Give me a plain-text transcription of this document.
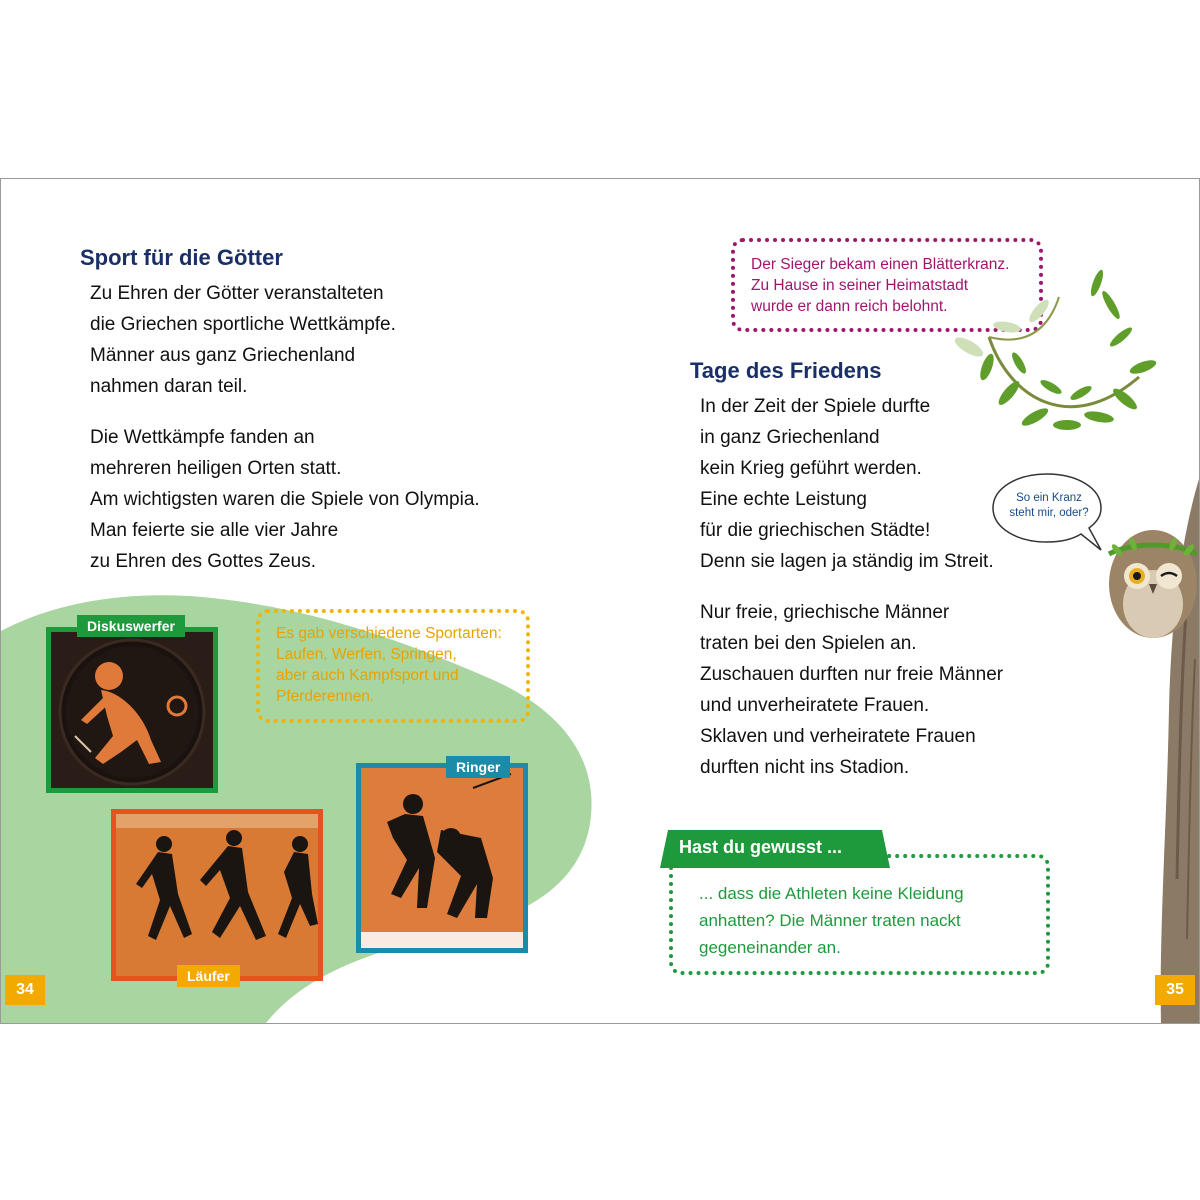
Sport für die Götter

Zu Ehren der Götter veranstalteten

die Griechen sportliche Wettkämpfe.

Männer aus ganz Griechenland

nahmen daran teil.

Die Wettkämpfe fanden an

mehreren heiligen Orten statt.

Am wichtigsten waren die Spiele von Olympia.

Man feierte sie alle vier Jahre

zu Ehren des Gottes Zeus.

Es gab verschiedene Sportarten:

Laufen, Werfen, Springen,

aber auch Kampfsport und

Pferderennen.

Diskuswerfer
Läufer
Ringer
34

Der Sieger bekam einen Blätterkranz.

Zu Hause in seiner Heimatstadt

wurde er dann reich belohnt.

Tage des Friedens

In der Zeit der Spiele durfte

in ganz Griechenland

kein Krieg geführt werden.

Eine echte Leistung

für die griechischen Städte!

Denn sie lagen ja ständig im Streit.

Nur freie, griechische Männer

traten bei den Spielen an.

Zuschauen durften nur freie Männer

und unverheiratete Frauen.

Sklaven und verheiratete Frauen

durften nicht ins Stadion.

So ein Kranz
steht mir, oder?

... dass die Athleten keine Kleidung

anhatten? Die Männer traten nackt

gegeneinander an.

Hast du gewusst ...
35
